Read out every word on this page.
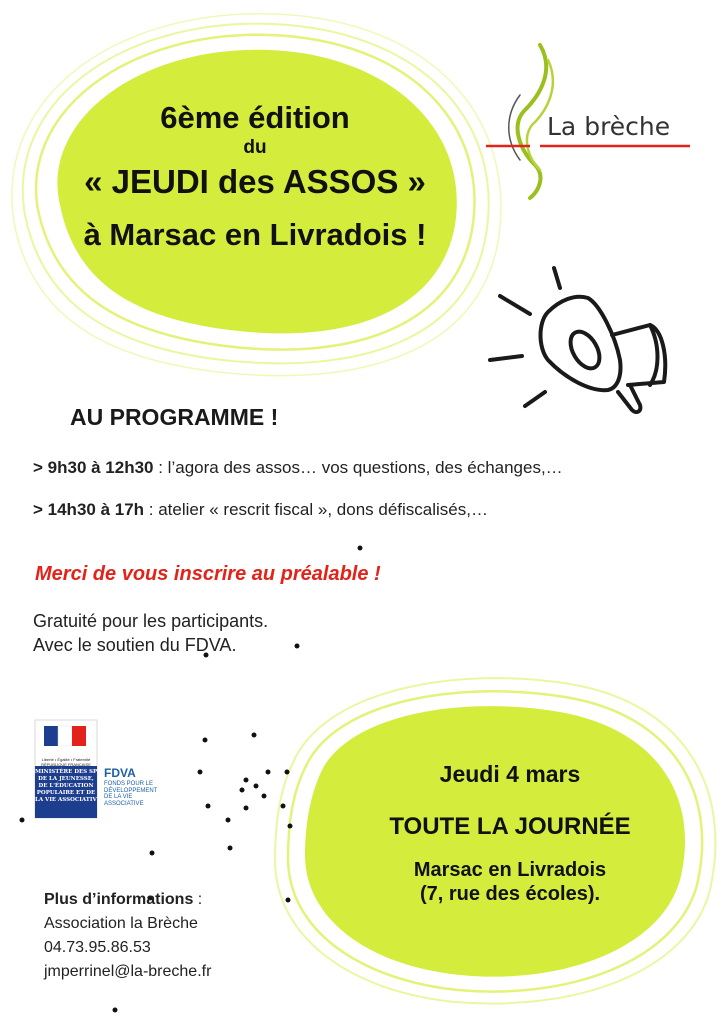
6ème édition
du
« JEUDI des ASSOS »
à Marsac en Livradois !
La brèche
AU PROGRAMME !
> 9h30 à 12h30 : l’agora des assos… vos questions, des échanges,…
> 14h30 à 17h : atelier « rescrit fiscal », dons défiscalisés,…
Merci de vous inscrire au préalable !
Gratuité pour les participants.
Avec le soutien du FDVA.
Liberté • Égalité • Fraternité
RÉPUBLIQUE FRANÇAISE
MINISTÈRE DES SPORTS,
DE LA JEUNESSE,
DE L'ÉDUCATION
POPULAIRE ET DE
LA VIE ASSOCIATIVE
FDVA
FONDS POUR LE
DÉVELOPPEMENT
DE LA VIE
ASSOCIATIVE
Jeudi 4 mars
TOUTE LA JOURNÉE
Marsac en Livradois
(7, rue des écoles).
Plus d’informations :
Association la Brèche
04.73.95.86.53
jmperrinel@la-breche.fr
